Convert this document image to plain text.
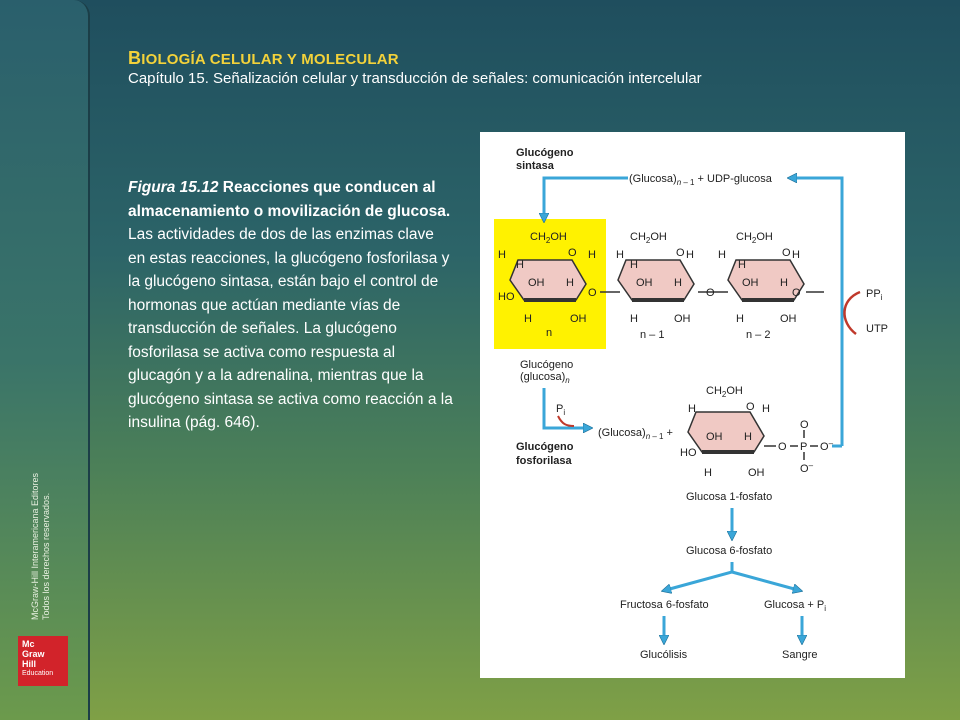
McGraw-Hill Interamericana Editores Todos los derechos reservados.
Mc
Graw
Hill
Education
BIOLOGÍA CELULAR Y MOLECULAR
Capítulo 15. Señalización celular y transducción de señales: comunicación intercelular
Figura 15.12 Reacciones que conducen al almacenamiento o movilización de glucosa. Las actividades de dos de las enzimas clave en estas reacciones, la glucógeno fosforilasa y la glucógeno sintasa, están bajo el control de hormonas que actúan mediante vías de transducción de señales. La glucógeno fosforilasa se activa como respuesta al glucagón y a la adrenalina, mientras que la glucógeno sintasa se activa como reacción a la insulina (pág. 646).
Glucógeno
sintasa
$(Glucosa)_n - 1 + UDP-glucosa$
$PP_i$
UTP
$CH_2OH$
O
H
H
H
OH H
HO
H	OH
O
n
$CH_2OH$
O
H
H
H
OH H
H	OH
n – 1
O
$CH_2OH$
O
H
H
H
OH H
H	OH
n – 2
O
Glucógeno
$(glucosa)_n$
$P_i$
Glucógeno
fosforilasa
$(Glucosa)_n - 1$ +
$CH_2OH$
O
H	H
OH H
HO
H	OH
O P O–
O
O–
Glucosa 1-fosfato
Glucosa 6-fosfato
Fructosa 6-fosfato	$Glucosa + P_i$
Glucólisis	Sangre
